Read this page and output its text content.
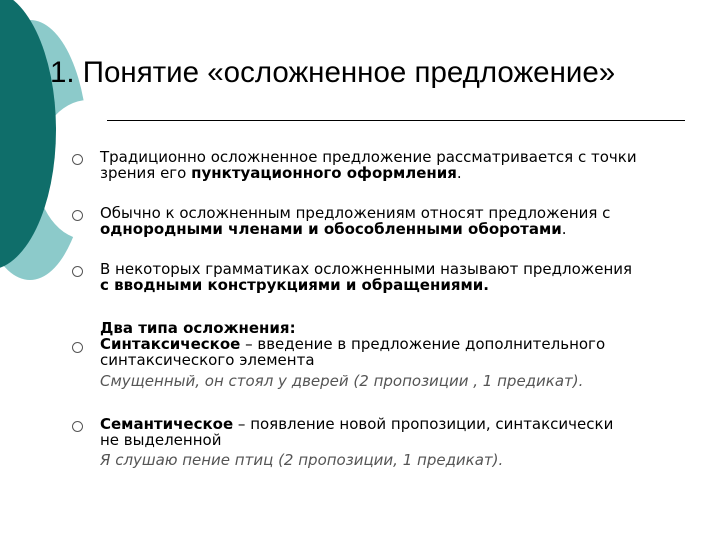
1. Понятие «осложненное предложение»
Традиционно осложненное предложение рассматривается с точки
зрения его пунктуационного оформления.
Обычно к осложненным предложениям относят предложения с
однородными членами и обособленными оборотами.
В некоторых грамматиках осложненными называют предложения
с вводными конструкциями и обращениями.
Два типа осложнения:
Синтаксическое – введение в предложение дополнительного
синтаксического элемента
Смущенный, он стоял у дверей (2 пропозиции , 1 предикат).
Семантическое – появление новой пропозиции, синтаксически
не выделенной
Я слушаю пение птиц (2 пропозиции, 1 предикат).
